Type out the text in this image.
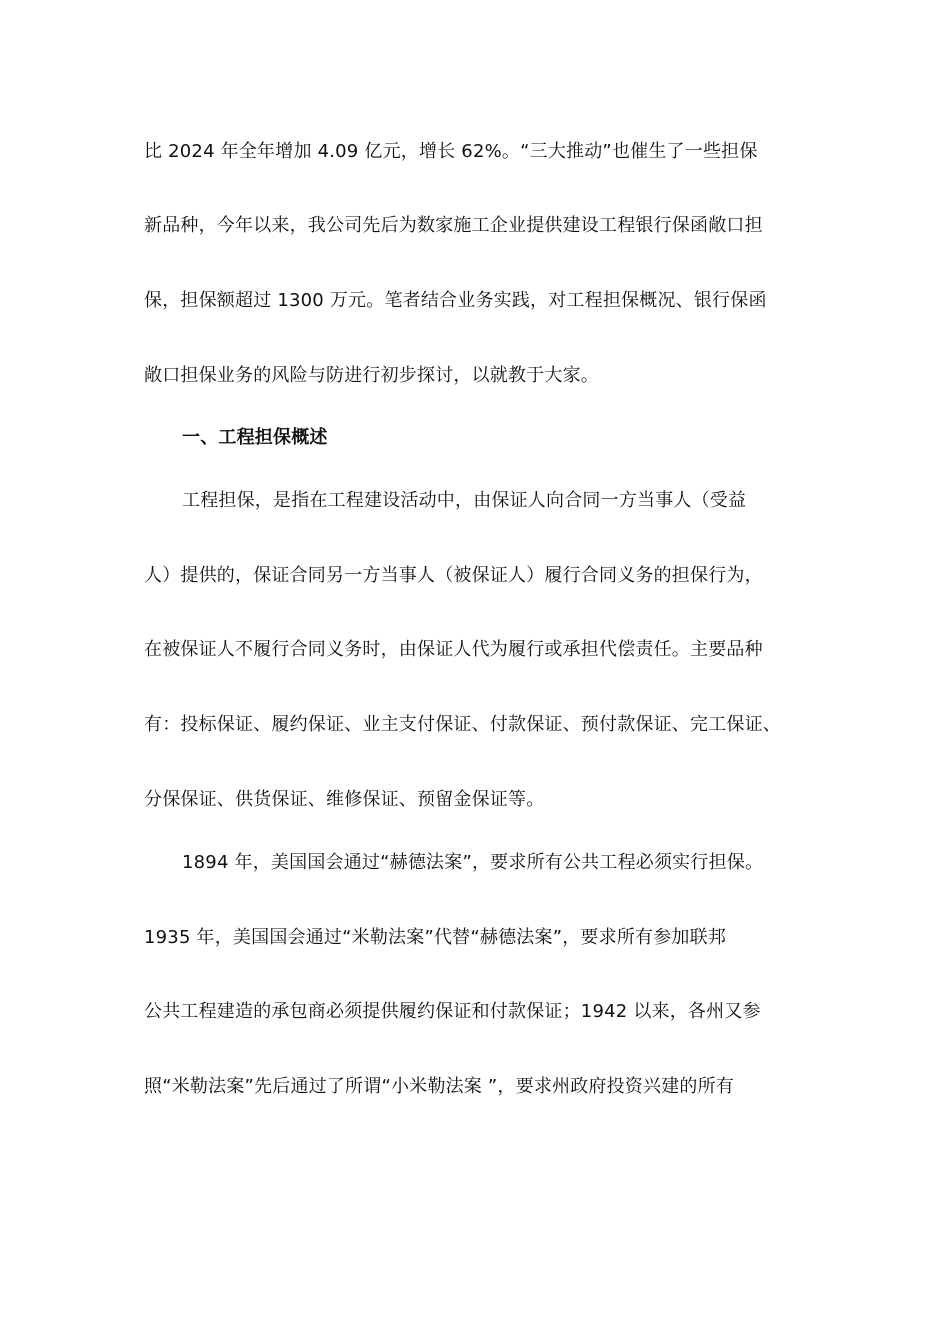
比 2024 年全年增加 4.09 亿元，增长 62%。“三大推动”也催生了一些担保
新品种，今年以来，我公司先后为数家施工企业提供建设工程银行保函敞口担
保，担保额超过 1300 万元。笔者结合业务实践，对工程担保概况、银行保函
敞口担保业务的风险与防进行初步探讨，以就教于大家。
一、工程担保概述
工程担保，是指在工程建设活动中，由保证人向合同一方当事人（受益
人）提供的，保证合同另一方当事人（被保证人）履行合同义务的担保行为，
在被保证人不履行合同义务时，由保证人代为履行或承担代偿责任。主要品种
有：投标保证、履约保证、业主支付保证、付款保证、预付款保证、完工保证、
分保保证、供货保证、维修保证、预留金保证等。
1894 年，美国国会通过“赫德法案”，要求所有公共工程必须实行担保。
1935 年，美国国会通过“米勒法案”代替“赫德法案”，要求所有参加联邦
公共工程建造的承包商必须提供履约保证和付款保证；1942 以来，各州又参
照“米勒法案”先后通过了所谓“小米勒法案 ”，要求州政府投资兴建的所有
